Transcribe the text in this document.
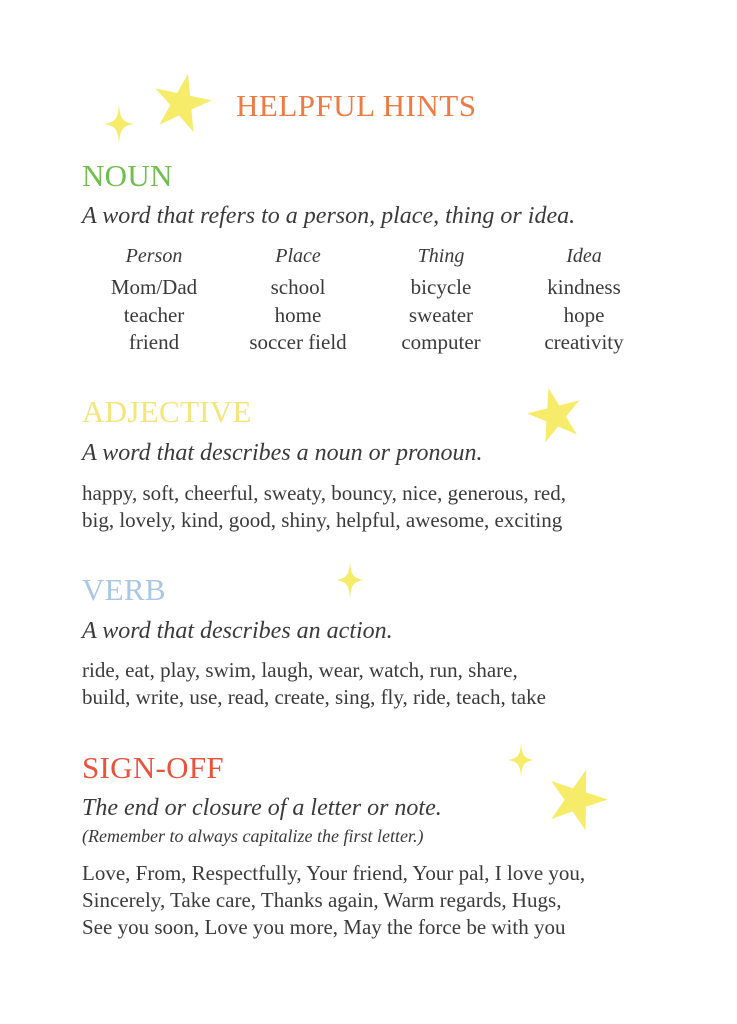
HELPFUL HINTS
NOUN
A word that refers to a person, place, thing or idea.
Person
Mom/Dad
teacher
friend
Place
school
home
soccer field
Thing
bicycle
sweater
computer
Idea
kindness
hope
creativity
ADJECTIVE
A word that describes a noun or pronoun.
happy, soft, cheerful, sweaty, bouncy, nice, generous, red,
big, lovely, kind, good, shiny, helpful, awesome, exciting
VERB
A word that describes an action.
ride, eat, play, swim, laugh, wear, watch, run, share,
build, write, use, read, create, sing, fly, ride, teach, take
SIGN-OFF
The end or closure of a letter or note.
(Remember to always capitalize the first letter.)
Love, From, Respectfully, Your friend, Your pal, I love you,
Sincerely, Take care, Thanks again, Warm regards, Hugs,
See you soon, Love you more, May the force be with you
